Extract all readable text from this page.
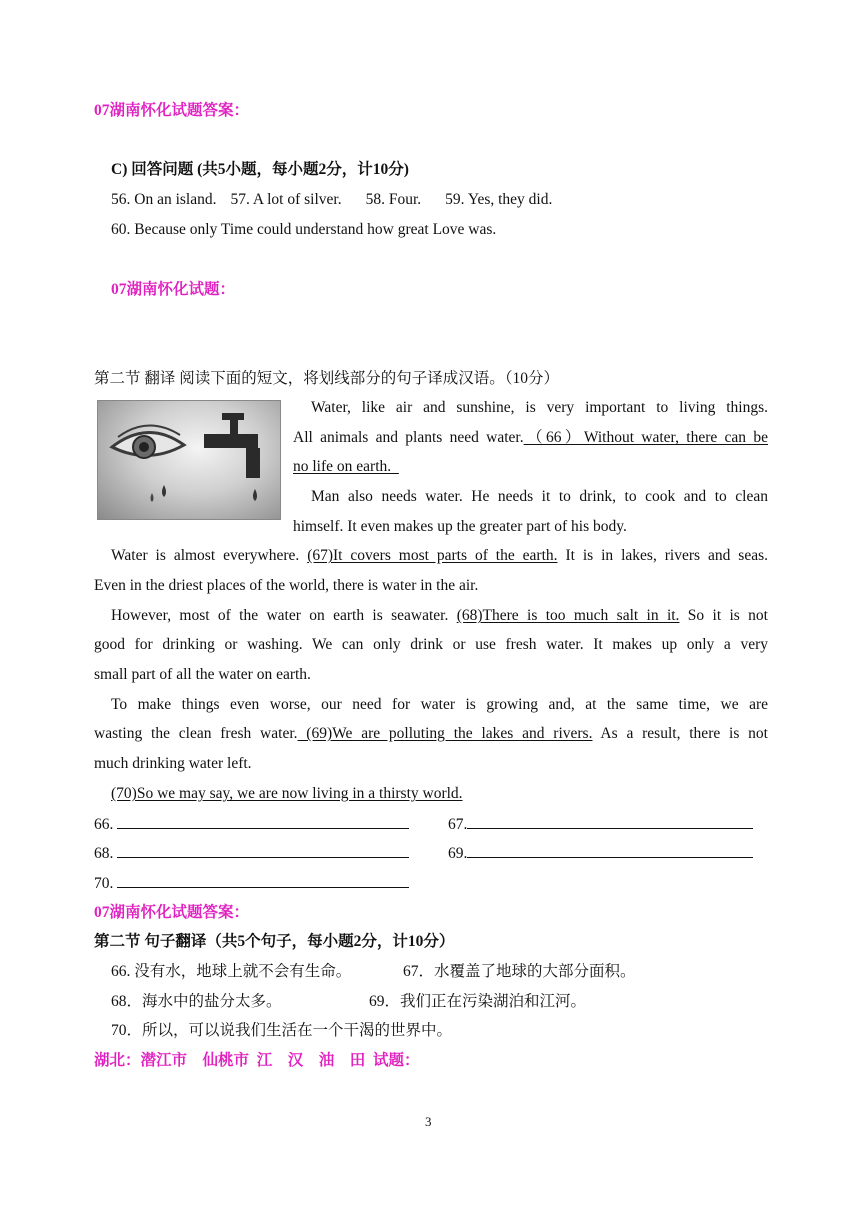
07湖南怀化试题答案：
C) 回答问题 (共5小题，每小题2分，计10分)
56. On an island. 57. A lot of silver. 58. Four. 59. Yes, they did.
60. Because only Time could understand how great Love was.
07湖南怀化试题：
第二节 翻译 阅读下面的短文，将划线部分的句子译成汉语。（10分）
Water, like air and sunshine, is very important to living things.
All animals and plants need water.（66）Without water, there can be
no life on earth.
Man also needs water. He needs it to drink, to cook and to clean
himself. It even makes up the greater part of his body.
Water is almost everywhere. (67)It covers most parts of the earth. It is in lakes, rivers and seas.
Even in the driest places of the world, there is water in the air.
However, most of the water on earth is seawater. (68)There is too much salt in it. So it is not
good for drinking or washing. We can only drink or use fresh water. It makes up only a very
small part of all the water on earth.
To make things even worse, our need for water is growing and, at the same time, we are
wasting the clean fresh water. (69)We are polluting the lakes and rivers. As a result, there is not
much drinking water left.
(70)So we may say, we are now living in a thirsty world.
66.	67.
68.	69.
70.
07湖南怀化试题答案：
第二节 句子翻译（共5个句子，每小题2分，计10分）
66. 没有水，地球上就不会有生命。	67．水覆盖了地球的大部分面积。
68．海水中的盐分太多。	69．我们正在污染湖泊和江河。
70．所以，可以说我们生活在一个干渴的世界中。
湖北：潜江市    仙桃市  江    汉    油    田  试题：
3
